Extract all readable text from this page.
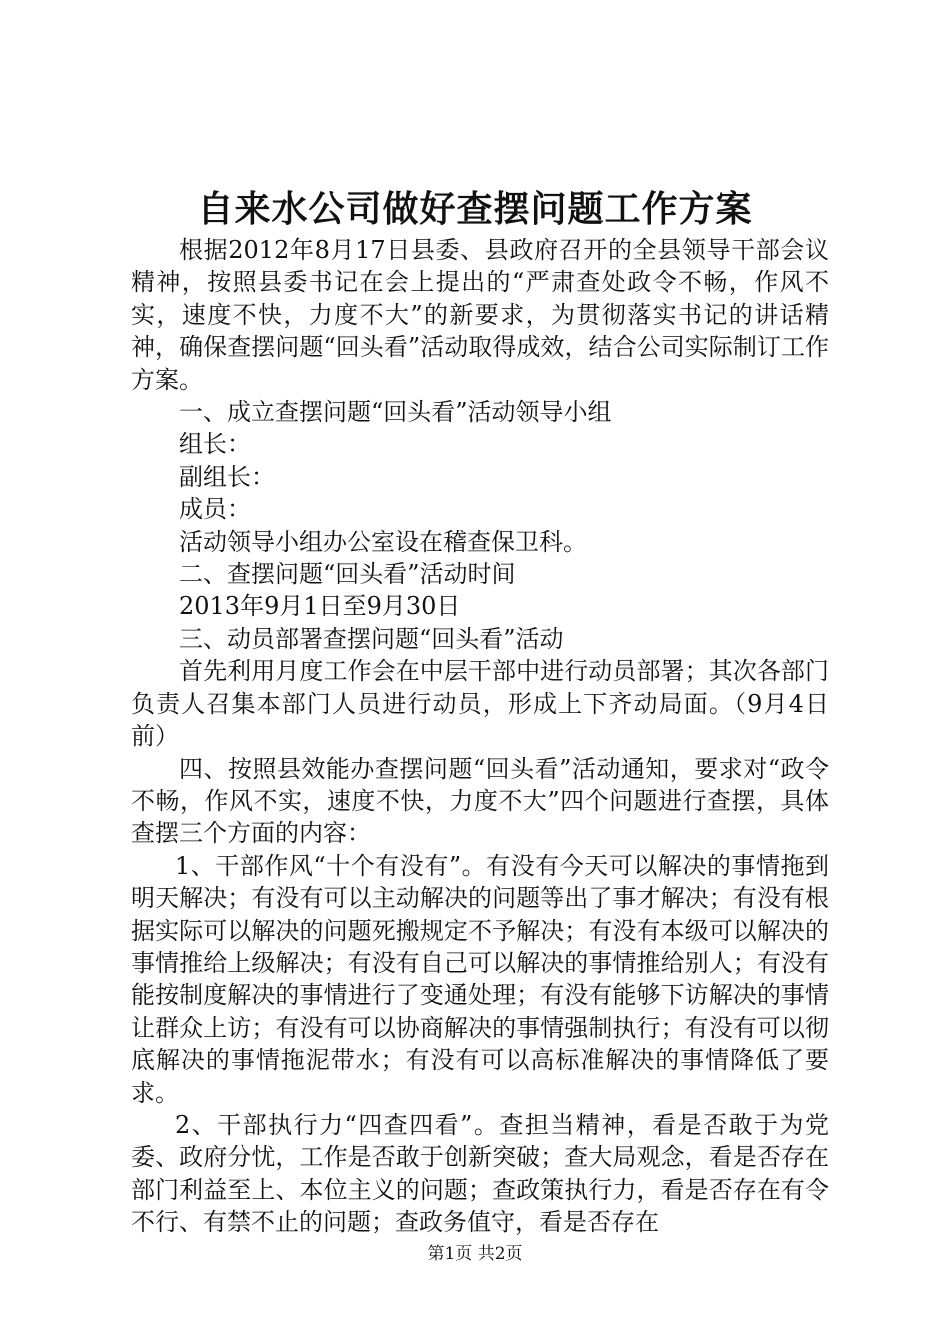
自来水公司做好查摆问题工作方案

根据2012年8月17日县委、县政府召开的全县领导干部会议精神，按照县委书记在会上提出的“严肃查处政令不畅，作风不实，速度不快，力度不大”的新要求，为贯彻落实书记的讲话精神，确保查摆问题“回头看”活动取得成效，结合公司实际制订工作方案。

一、成立查摆问题“回头看”活动领导小组

组长：

副组长：

成员：

活动领导小组办公室设在稽查保卫科。

二、查摆问题“回头看”活动时间

2013年9月1日至9月30日

三、动员部署查摆问题“回头看”活动

首先利用月度工作会在中层干部中进行动员部署；其次各部门负责人召集本部门人员进行动员，形成上下齐动局面。（9月4日前）

四、按照县效能办查摆问题“回头看”活动通知，要求对“政令不畅，作风不实，速度不快，力度不大”四个问题进行查摆，具体查摆三个方面的内容：

1、干部作风“十个有没有”。有没有今天可以解决的事情拖到明天解决；有没有可以主动解决的问题等出了事才解决；有没有根据实际可以解决的问题死搬规定不予解决；有没有本级可以解决的事情推给上级解决；有没有自己可以解决的事情推给别人；有没有能按制度解决的事情进行了变通处理；有没有能够下访解决的事情让群众上访；有没有可以协商解决的事情强制执行；有没有可以彻底解决的事情拖泥带水；有没有可以高标准解决的事情降低了要求。

2、干部执行力“四查四看”。查担当精神，看是否敢于为党委、政府分忧，工作是否敢于创新突破；查大局观念，看是否存在部门利益至上、本位主义的问题；查政策执行力，看是否存在有令不行、有禁不止的问题；查政务值守，看是否存在

第1页 共2页
